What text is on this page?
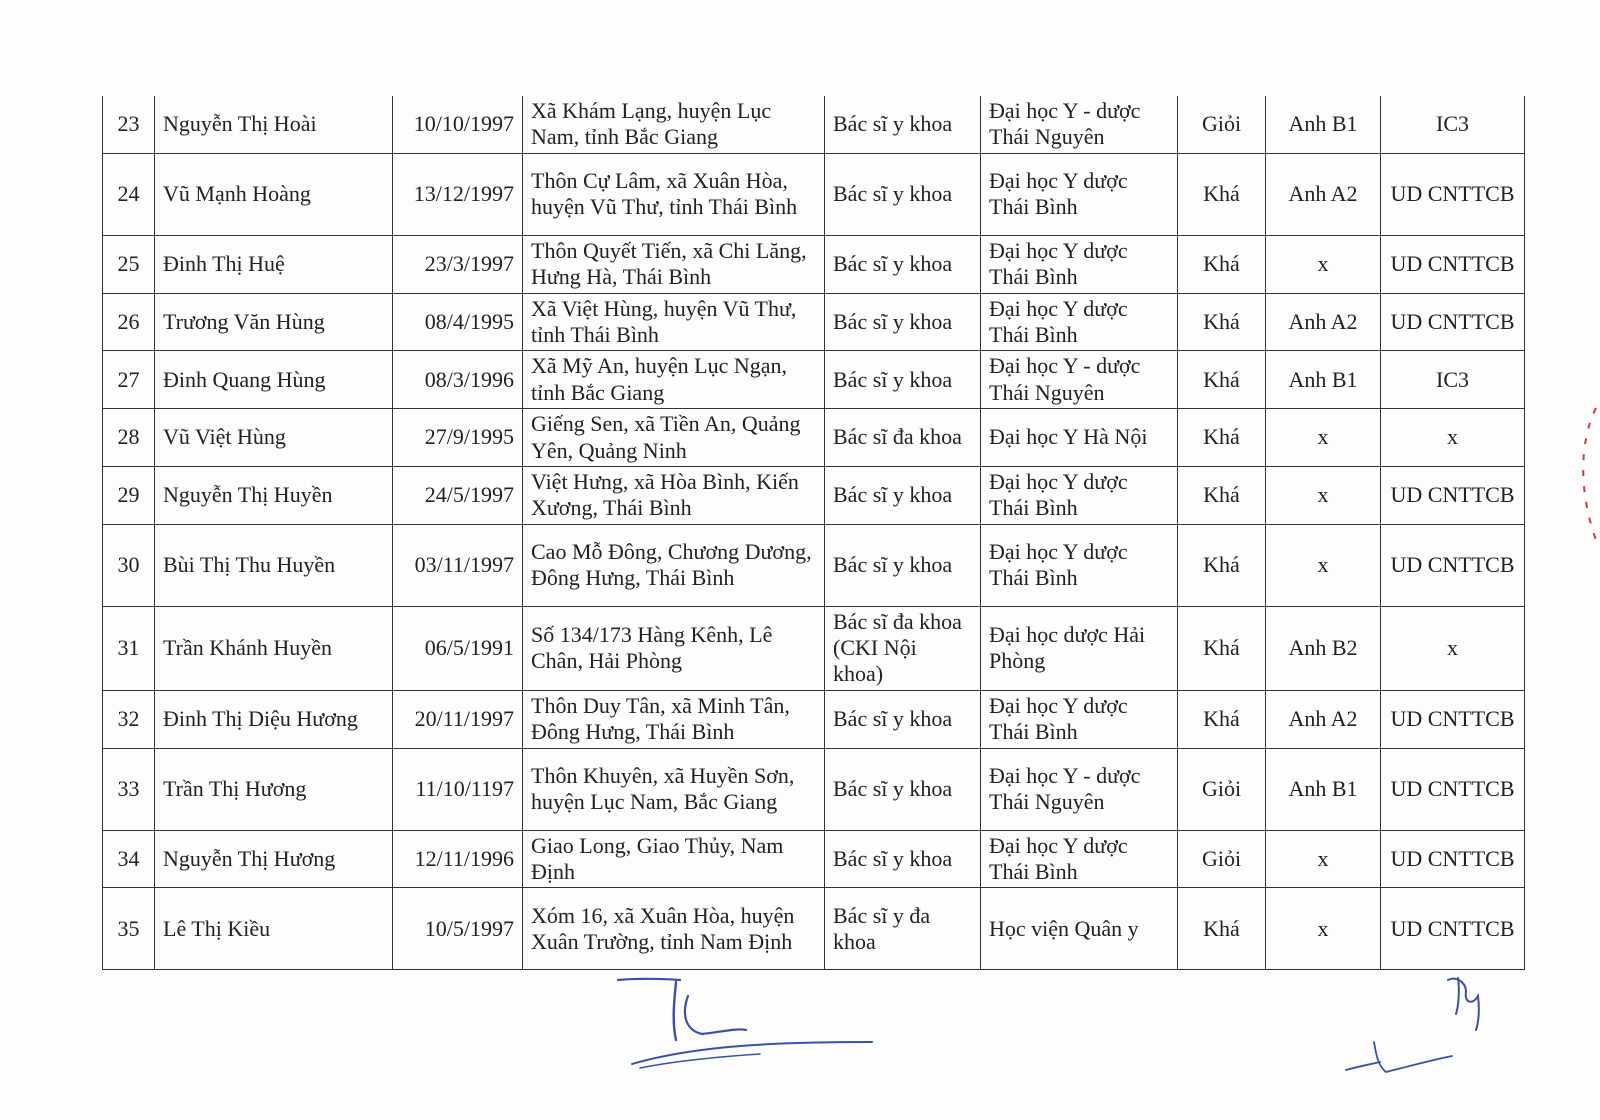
23	Nguyễn Thị Hoài	10/10/1997	Xã Khám Lạng, huyện Lục Nam, tỉnh Bắc Giang	Bác sĩ y khoa	Đại học Y - dược Thái Nguyên	Giỏi	Anh B1	IC3
24	Vũ Mạnh Hoàng	13/12/1997	Thôn Cự Lâm, xã Xuân Hòa, huyện Vũ Thư, tỉnh Thái Bình	Bác sĩ y khoa	Đại học Y dược Thái Bình	Khá	Anh A2	UD CNTTCB
25	Đinh Thị Huệ	23/3/1997	Thôn Quyết Tiến, xã Chi Lăng, Hưng Hà, Thái Bình	Bác sĩ y khoa	Đại học Y dược Thái Bình	Khá	x	UD CNTTCB
26	Trương Văn Hùng	08/4/1995	Xã Việt Hùng, huyện Vũ Thư, tỉnh Thái Bình	Bác sĩ y khoa	Đại học Y dược Thái Bình	Khá	Anh A2	UD CNTTCB
27	Đinh Quang Hùng	08/3/1996	Xã Mỹ An, huyện Lục Ngạn, tỉnh Bắc Giang	Bác sĩ y khoa	Đại học Y - dược Thái Nguyên	Khá	Anh B1	IC3
28	Vũ Việt Hùng	27/9/1995	Giếng Sen, xã Tiền An, Quảng Yên, Quảng Ninh	Bác sĩ đa khoa	Đại học Y Hà Nội	Khá	x	x
29	Nguyễn Thị Huyền	24/5/1997	Việt Hưng, xã Hòa Bình, Kiến Xương, Thái Bình	Bác sĩ y khoa	Đại học Y dược Thái Bình	Khá	x	UD CNTTCB
30	Bùi Thị Thu Huyền	03/11/1997	Cao Mỗ Đông, Chương Dương, Đông Hưng, Thái Bình	Bác sĩ y khoa	Đại học Y dược Thái Bình	Khá	x	UD CNTTCB
31	Trần Khánh Huyền	06/5/1991	Số 134/173 Hàng Kênh, Lê Chân, Hải Phòng	Bác sĩ đa khoa (CKI Nội khoa)	Đại học dược Hải Phòng	Khá	Anh B2	x
32	Đinh Thị Diệu Hương	20/11/1997	Thôn Duy Tân, xã Minh Tân, Đông Hưng, Thái Bình	Bác sĩ y khoa	Đại học Y dược Thái Bình	Khá	Anh A2	UD CNTTCB
33	Trần Thị Hương	11/10/1197	Thôn Khuyên, xã Huyền Sơn, huyện Lục Nam, Bắc Giang	Bác sĩ y khoa	Đại học Y - dược Thái Nguyên	Giỏi	Anh B1	UD CNTTCB
34	Nguyễn Thị Hương	12/11/1996	Giao Long, Giao Thủy, Nam Định	Bác sĩ y khoa	Đại học Y dược Thái Bình	Giỏi	x	UD CNTTCB
35	Lê Thị Kiều	10/5/1997	Xóm 16, xã Xuân Hòa, huyện Xuân Trường, tỉnh Nam Định	Bác sĩ y đa khoa	Học viện Quân y	Khá	x	UD CNTTCB
